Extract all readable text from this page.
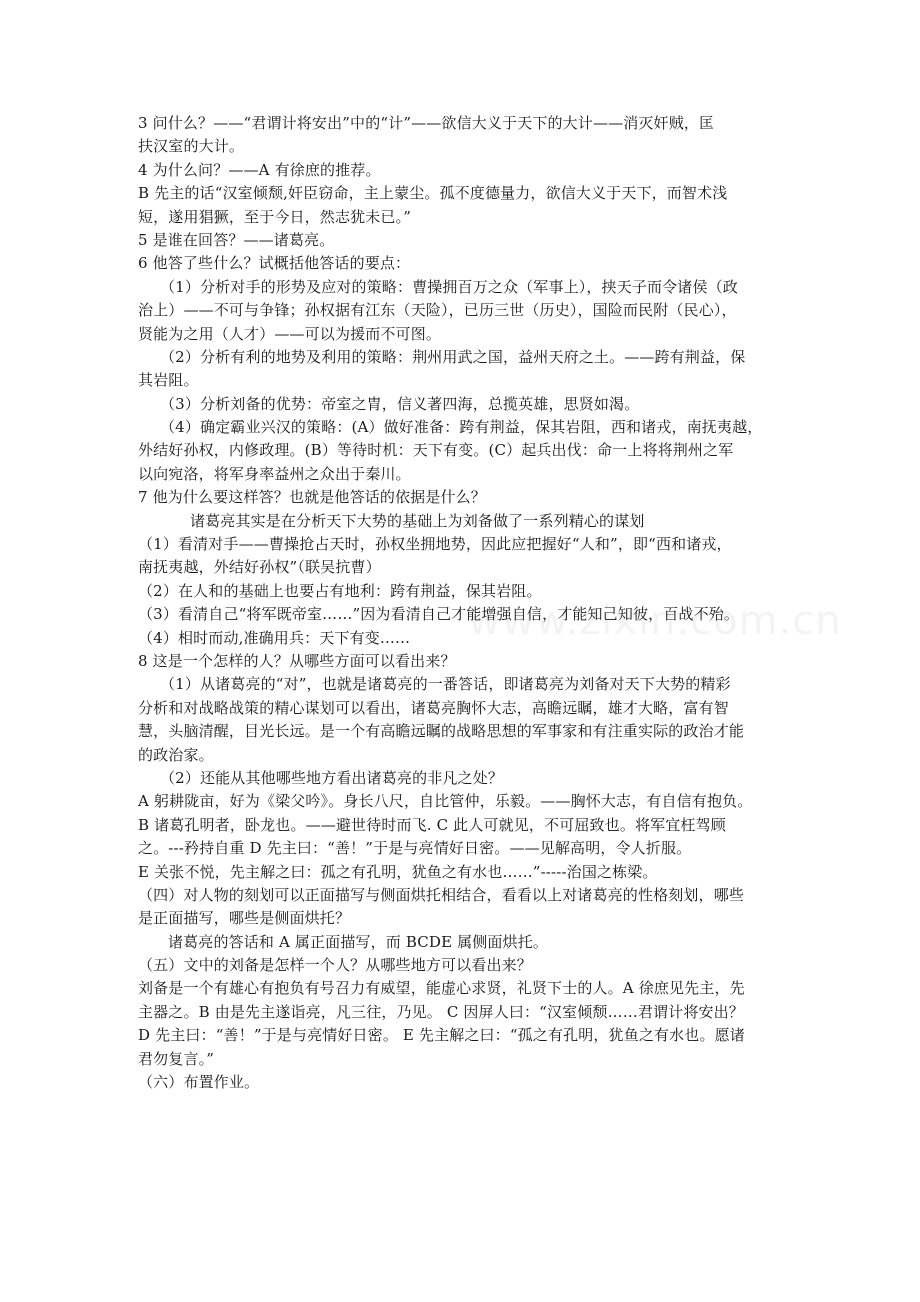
3 问什么？——“君谓计将安出”中的“计”——欲信大义于天下的大计——消灭奸贼，匡
扶汉室的大计。
4 为什么问？——A 有徐庶的推荐。
B 先主的话“汉室倾颓,奸臣窃命，主上蒙尘。孤不度德量力，欲信大义于天下，而智术浅
短，遂用猖獗，至于今日，然志犹未已。”
5 是谁在回答？——诸葛亮。
6 他答了些什么？试概括他答话的要点：
（1）分析对手的形势及应对的策略：曹操拥百万之众（军事上），挟天子而令诸侯（政
治上）——不可与争锋；孙权据有江东（天险），已历三世（历史），国险而民附（民心），
贤能为之用（人才）——可以为援而不可图。
（2）分析有利的地势及利用的策略：荆州用武之国，益州天府之土。——跨有荆益，保
其岩阻。
（3）分析刘备的优势：帝室之胄，信义著四海，总揽英雄，思贤如渴。
（4）确定霸业兴汉的策略：(A）做好准备：跨有荆益，保其岩阻，西和诸戎，南抚夷越，
外结好孙权，内修政理。(B）等待时机：天下有变。(C）起兵出伐：命一上将将荆州之军
以向宛洛，将军身率益州之众出于秦川。
7 他为什么要这样答？也就是他答话的依据是什么？
诸葛亮其实是在分析天下大势的基础上为刘备做了一系列精心的谋划
（1）看清对手——曹操抢占天时，孙权坐拥地势，因此应把握好“人和”，即“西和诸戎，
南抚夷越，外结好孙权”（联吴抗曹）
（2）在人和的基础上也要占有地利：跨有荆益，保其岩阻。
（3）看清自己“将军既帝室……”因为看清自己才能增强自信，才能知己知彼，百战不殆。
（4）相时而动,准确用兵：天下有变……
8 这是一个怎样的人？从哪些方面可以看出来？
（1）从诸葛亮的“对”，也就是诸葛亮的一番答话，即诸葛亮为刘备对天下大势的精彩
分析和对战略战策的精心谋划可以看出，诸葛亮胸怀大志，高瞻远瞩，雄才大略，富有智
慧，头脑清醒，目光长远。是一个有高瞻远瞩的战略思想的军事家和有注重实际的政治才能
的政治家。
（2）还能从其他哪些地方看出诸葛亮的非凡之处？
A 躬耕陇亩，好为《梁父吟》。身长八尺，自比管仲，乐毅。——胸怀大志，有自信有抱负。
B 诸葛孔明者，卧龙也。——避世待时而飞. C 此人可就见，不可屈致也。将军宜枉驾顾
之。---矜持自重 D 先主曰：“善！”于是与亮情好日密。——见解高明，令人折服。
E 关张不悦，先主解之曰：孤之有孔明，犹鱼之有水也……”-----治国之栋梁。
（四）对人物的刻划可以正面描写与侧面烘托相结合，看看以上对诸葛亮的性格刻划，哪些
是正面描写，哪些是侧面烘托？
诸葛亮的答话和 A 属正面描写，而 BCDE 属侧面烘托。
（五）文中的刘备是怎样一个人？从哪些地方可以看出来？
刘备是一个有雄心有抱负有号召力有威望，能虚心求贤，礼贤下士的人。A 徐庶见先主，先
主器之。B 由是先主遂诣亮，凡三往，乃见。 C 因屏人曰：“汉室倾颓……君谓计将安出？
D 先主曰：“善！”于是与亮情好日密。 E 先主解之曰：“孤之有孔明，犹鱼之有水也。愿诸
君勿复言。”
（六）布置作业。
